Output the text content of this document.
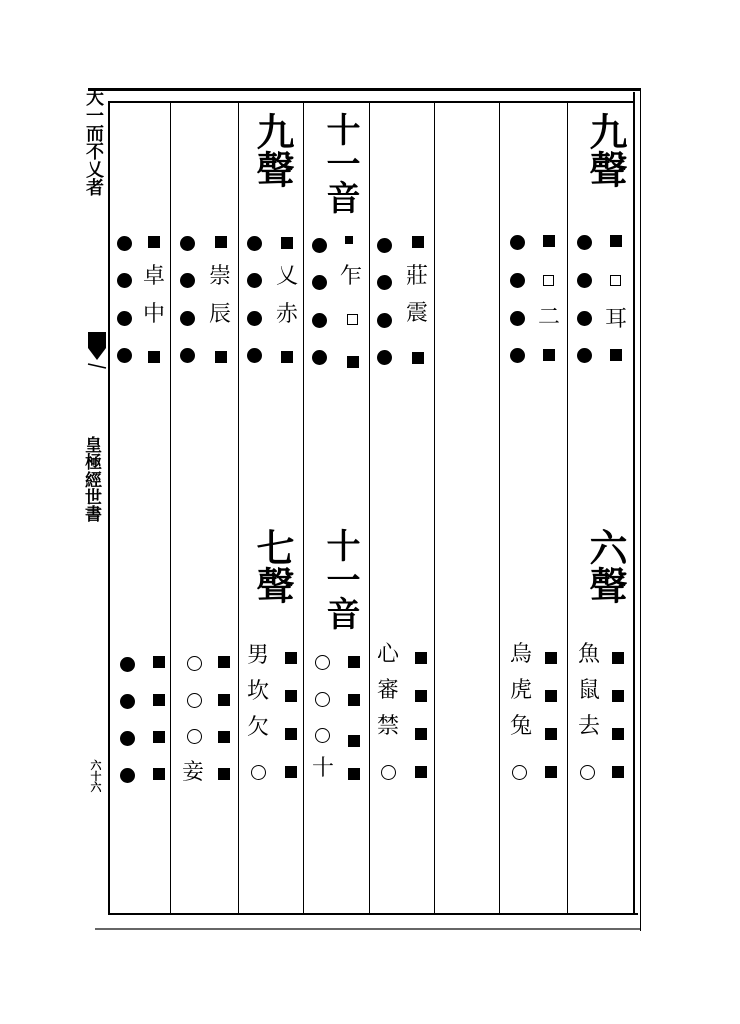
大
一
而
不
乂
者
皇
極
經
世
書
六
十
六
九聲
耳
二
莊
震
十一音
乍
九聲
乂
赤
崇
辰
卓
中
六聲
魚
鼠
去
烏
虎
兔
心
審
禁
十一音
十
七聲
男
坎
欠
妾
